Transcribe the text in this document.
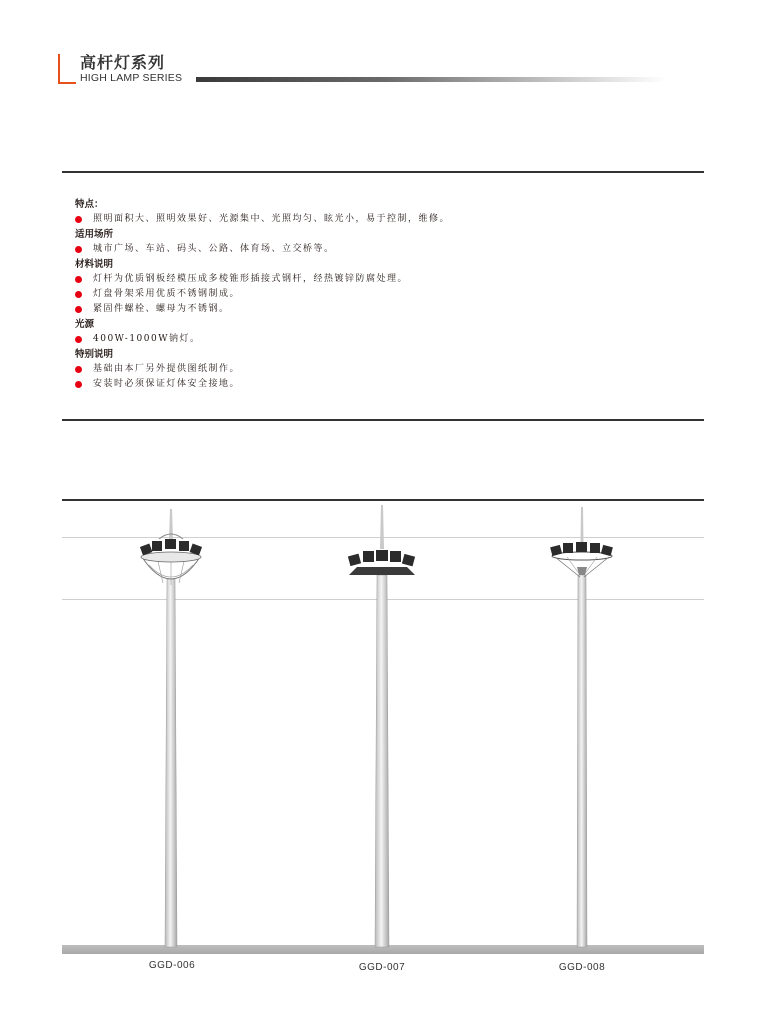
高杆灯系列
HIGH LAMP SERIES

特点：

照明面积大、照明效果好、光源集中、光照均匀、眩光小，易于控制，维修。

适用场所

城市广场、车站、码头、公路、体育场、立交桥等。

材料说明

灯杆为优质钢板经模压成多棱锥形插接式钢杆，经热镀锌防腐处理。

灯盘骨架采用优质不锈钢制成。

紧固件螺栓、螺母为不锈钢。

光源

400W-1000W钠灯。

特别说明

基础由本厂另外提供图纸制作。

安装时必须保证灯体安全接地。

GGD-006	GGD-007	GGD-008
